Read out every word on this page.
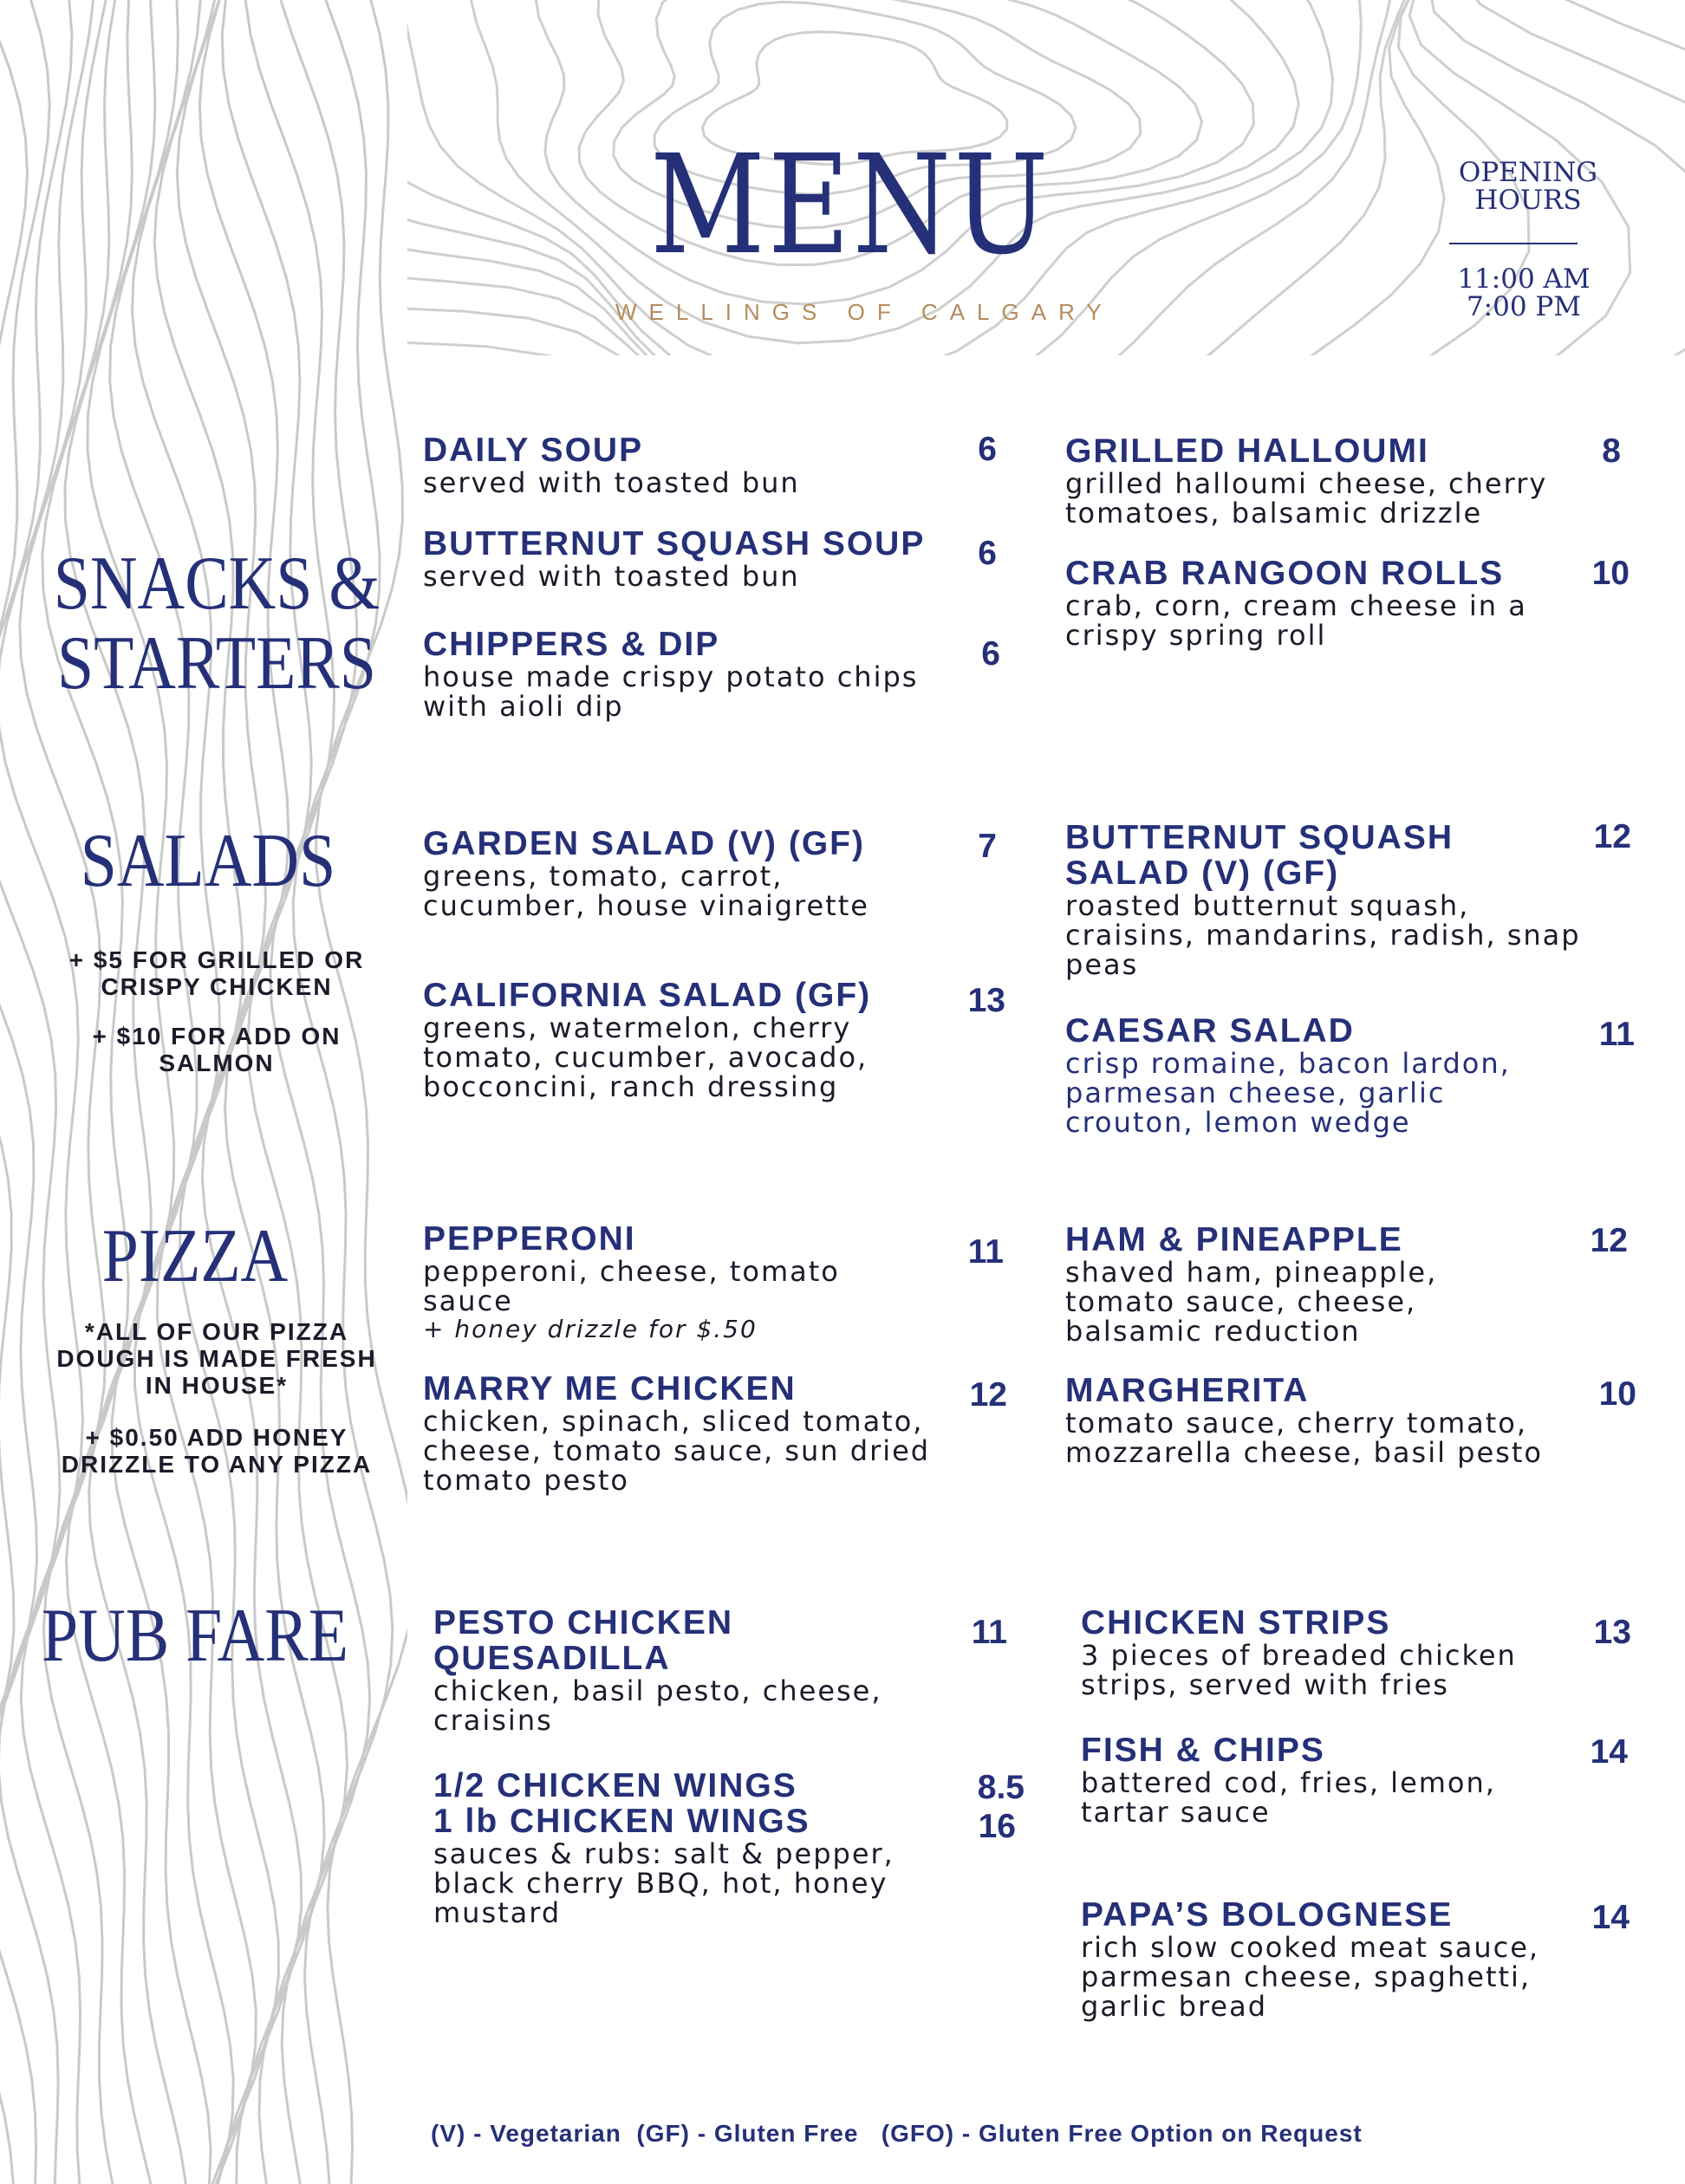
MENU
WELLINGS OF CALGARY
OPENING
HOURS
11:00 AM
7:00 PM
SNACKS &
STARTERS
DAILY SOUP
served with toasted bun
6
BUTTERNUT SQUASH SOUP
served with toasted bun
6
CHIPPERS & DIP
house made crispy potato chips
with aioli dip
6
GRILLED HALLOUMI
grilled halloumi cheese, cherry
tomatoes, balsamic drizzle
8
CRAB RANGOON ROLLS
crab, corn, cream cheese in a
crispy spring roll
10
SALADS
+ $5 FOR GRILLED OR
CRISPY CHICKEN
+ $10 FOR ADD ON
SALMON
GARDEN SALAD (V) (GF)
greens, tomato, carrot,
cucumber, house vinaigrette
7
CALIFORNIA SALAD (GF)
greens, watermelon, cherry
tomato, cucumber, avocado,
bocconcini, ranch dressing
13
BUTTERNUT SQUASH
SALAD (V) (GF)
roasted butternut squash,
craisins, mandarins, radish, snap
peas
12
CAESAR SALAD
crisp romaine, bacon lardon,
parmesan cheese, garlic
crouton, lemon wedge
11
PIZZA
*ALL OF OUR PIZZA
DOUGH IS MADE FRESH
IN HOUSE*
+ $0.50 ADD HONEY
DRIZZLE TO ANY PIZZA
PEPPERONI
pepperoni, cheese, tomato
sauce
+ honey drizzle for $.50
11
MARRY ME CHICKEN
chicken, spinach, sliced tomato,
cheese, tomato sauce, sun dried
tomato pesto
12
HAM & PINEAPPLE
shaved ham, pineapple,
tomato sauce, cheese,
balsamic reduction
12
MARGHERITA
tomato sauce, cherry tomato,
mozzarella cheese, basil pesto
10
PUB FARE	PESTO CHICKEN
QUESADILLA
chicken, basil pesto, cheese,
craisins
11
1/2 CHICKEN WINGS
1 lb CHICKEN WINGS
sauces & rubs: salt & pepper,
black cherry BBQ, hot, honey
mustard
8.5
16
CHICKEN STRIPS
3 pieces of breaded chicken
strips, served with fries
13
FISH & CHIPS
battered cod, fries, lemon,
tartar sauce
14
PAPA’S BOLOGNESE
rich slow cooked meat sauce,
parmesan cheese, spaghetti,
garlic bread
14
(V) - Vegetarian (GF) - Gluten Free (GFO) - Gluten Free Option on Request
